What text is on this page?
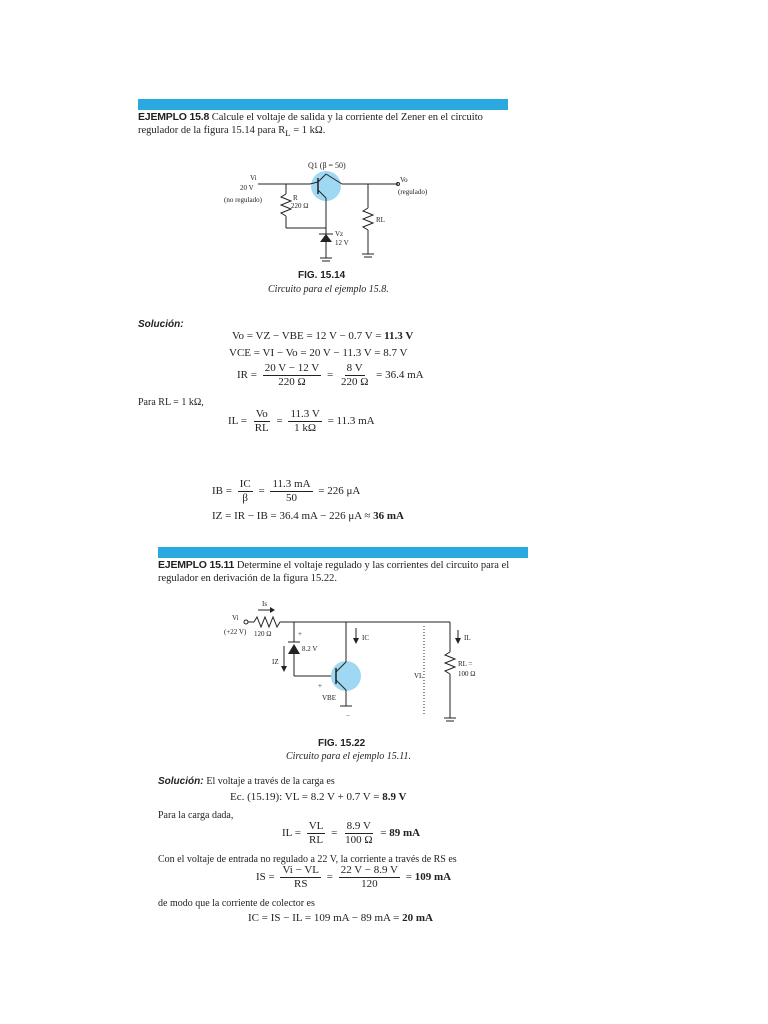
EJEMPLO 15.8 Calcule el voltaje de salida y la corriente del Zener en el circuito regulador de la figura 15.14 para $R_L = 1$ kΩ.
Q1 (β = 50)
Vi
20 V
(no regulado)	R
220 Ω
Vo
(regulado)
RL
Vz
12 V
FIG. 15.14
Circuito para el ejemplo 15.8.
Solución:
Vo = VZ − VBE = 12 V − 0.7 V = 11.3 V
VCE = VI − Vo = 20 V − 11.3 V = 8.7 V
IR = $\frac{20 V - 12 V}{220 \Omega} = \frac{8 V}{220 \Omega} = 36.4$ mA
Para RL = 1 kΩ,
IL = $\frac{Vo}{RL} = \frac{11.3 V}{1 k\Omega} = 11.3$ mA
IB = $\frac{IC}{\beta} = \frac{11.3 mA}{50} = 226$ μA
IZ = IR − IB = 36.4 mA − 226 μA ≈ 36 mA
EJEMPLO 15.11 Determine el voltaje regulado y las corrientes del circuito para el regulador en derivación de la figura 15.22.
Is
Vi
(+22 V) 120 Ω	+
8.2 V
IZ
IC	IL
VL
RL =
100 Ω
+
VBE
−
FIG. 15.22
Circuito para el ejemplo 15.11.
Solución: El voltaje a través de la carga es
Ec. (15.19): VL = 8.2 V + 0.7 V = 8.9 V
Para la carga dada,
IL = $\frac{VL}{RL} = \frac{8.9 V}{100 \Omega} = 89$ mA
Con el voltaje de entrada no regulado a 22 V, la corriente a través de RS es
IS = $\frac{Vi - VL}{RS} = \frac{22 V - 8.9 V}{120} = 109$ mA
de modo que la corriente de colector es
IC = IS − IL = 109 mA − 89 mA = 20 mA
